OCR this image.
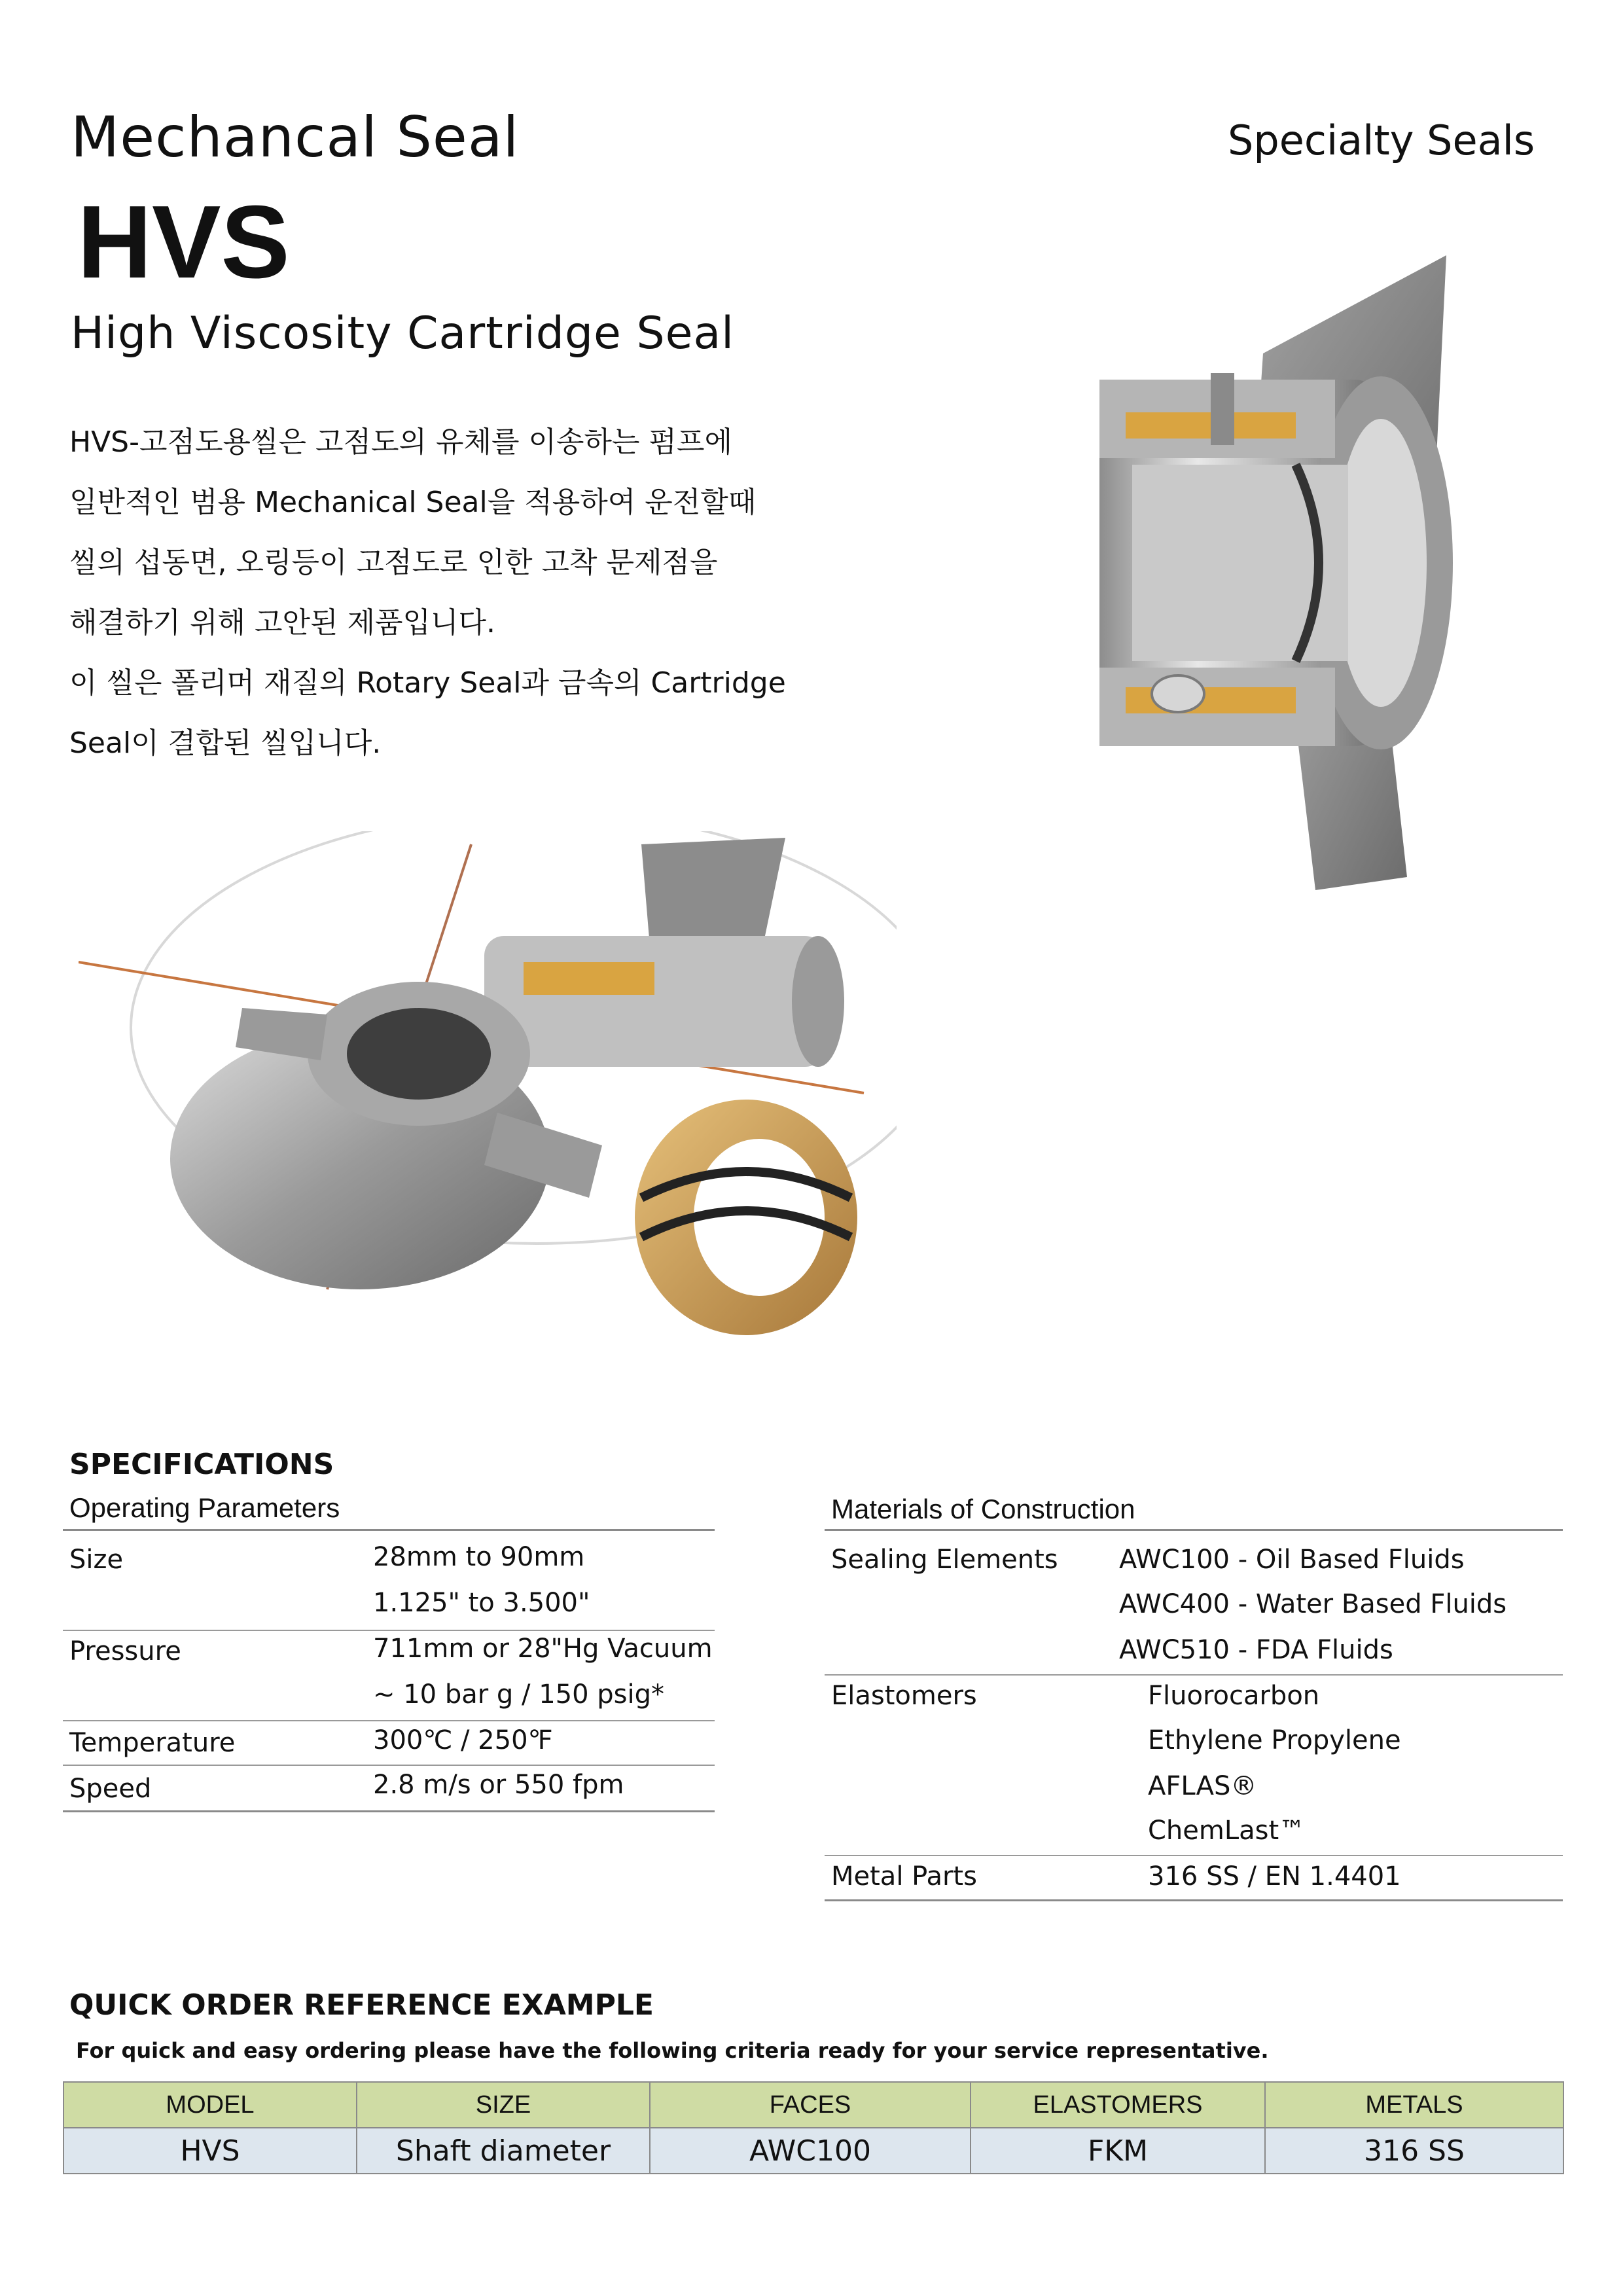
Mechancal Seal	Specialty Seals
HVS
High Viscosity Cartridge Seal
HVS-고점도용씰은 고점도의 유체를 이송하는 펌프에
일반적인 범용 Mechanical Seal을 적용하여 운전할때
씰의 섭동면, 오링등이 고점도로 인한 고착 문제점을
해결하기 위해 고안된 제품입니다.
이 씰은 폴리머 재질의 Rotary Seal과 금속의 Cartridge
Seal이 결합된 씰입니다.
SPECIFICATIONS
Operating Parameters
Size	28mm to 90mm
1.125" to 3.500"
Pressure	711mm or 28"Hg Vacuum
~ 10 bar g / 150 psig*
Temperature	300℃ / 250℉
Speed	2.8 m/s or 550 fpm
Materials of Construction
Sealing Elements AWC100 - Oil Based Fluids
AWC400 - Water Based Fluids
AWC510 - FDA Fluids
Elastomers	Fluorocarbon
Ethylene Propylene
AFLAS®
ChemLast™
Metal Parts	316 SS / EN 1.4401
QUICK ORDER REFERENCE EXAMPLE
For quick and easy ordering please have the following criteria ready for your service representative.
MODEL	SIZE	FACES	ELASTOMERS	METALS
HVS	Shaft diameter	AWC100	FKM	316 SS
